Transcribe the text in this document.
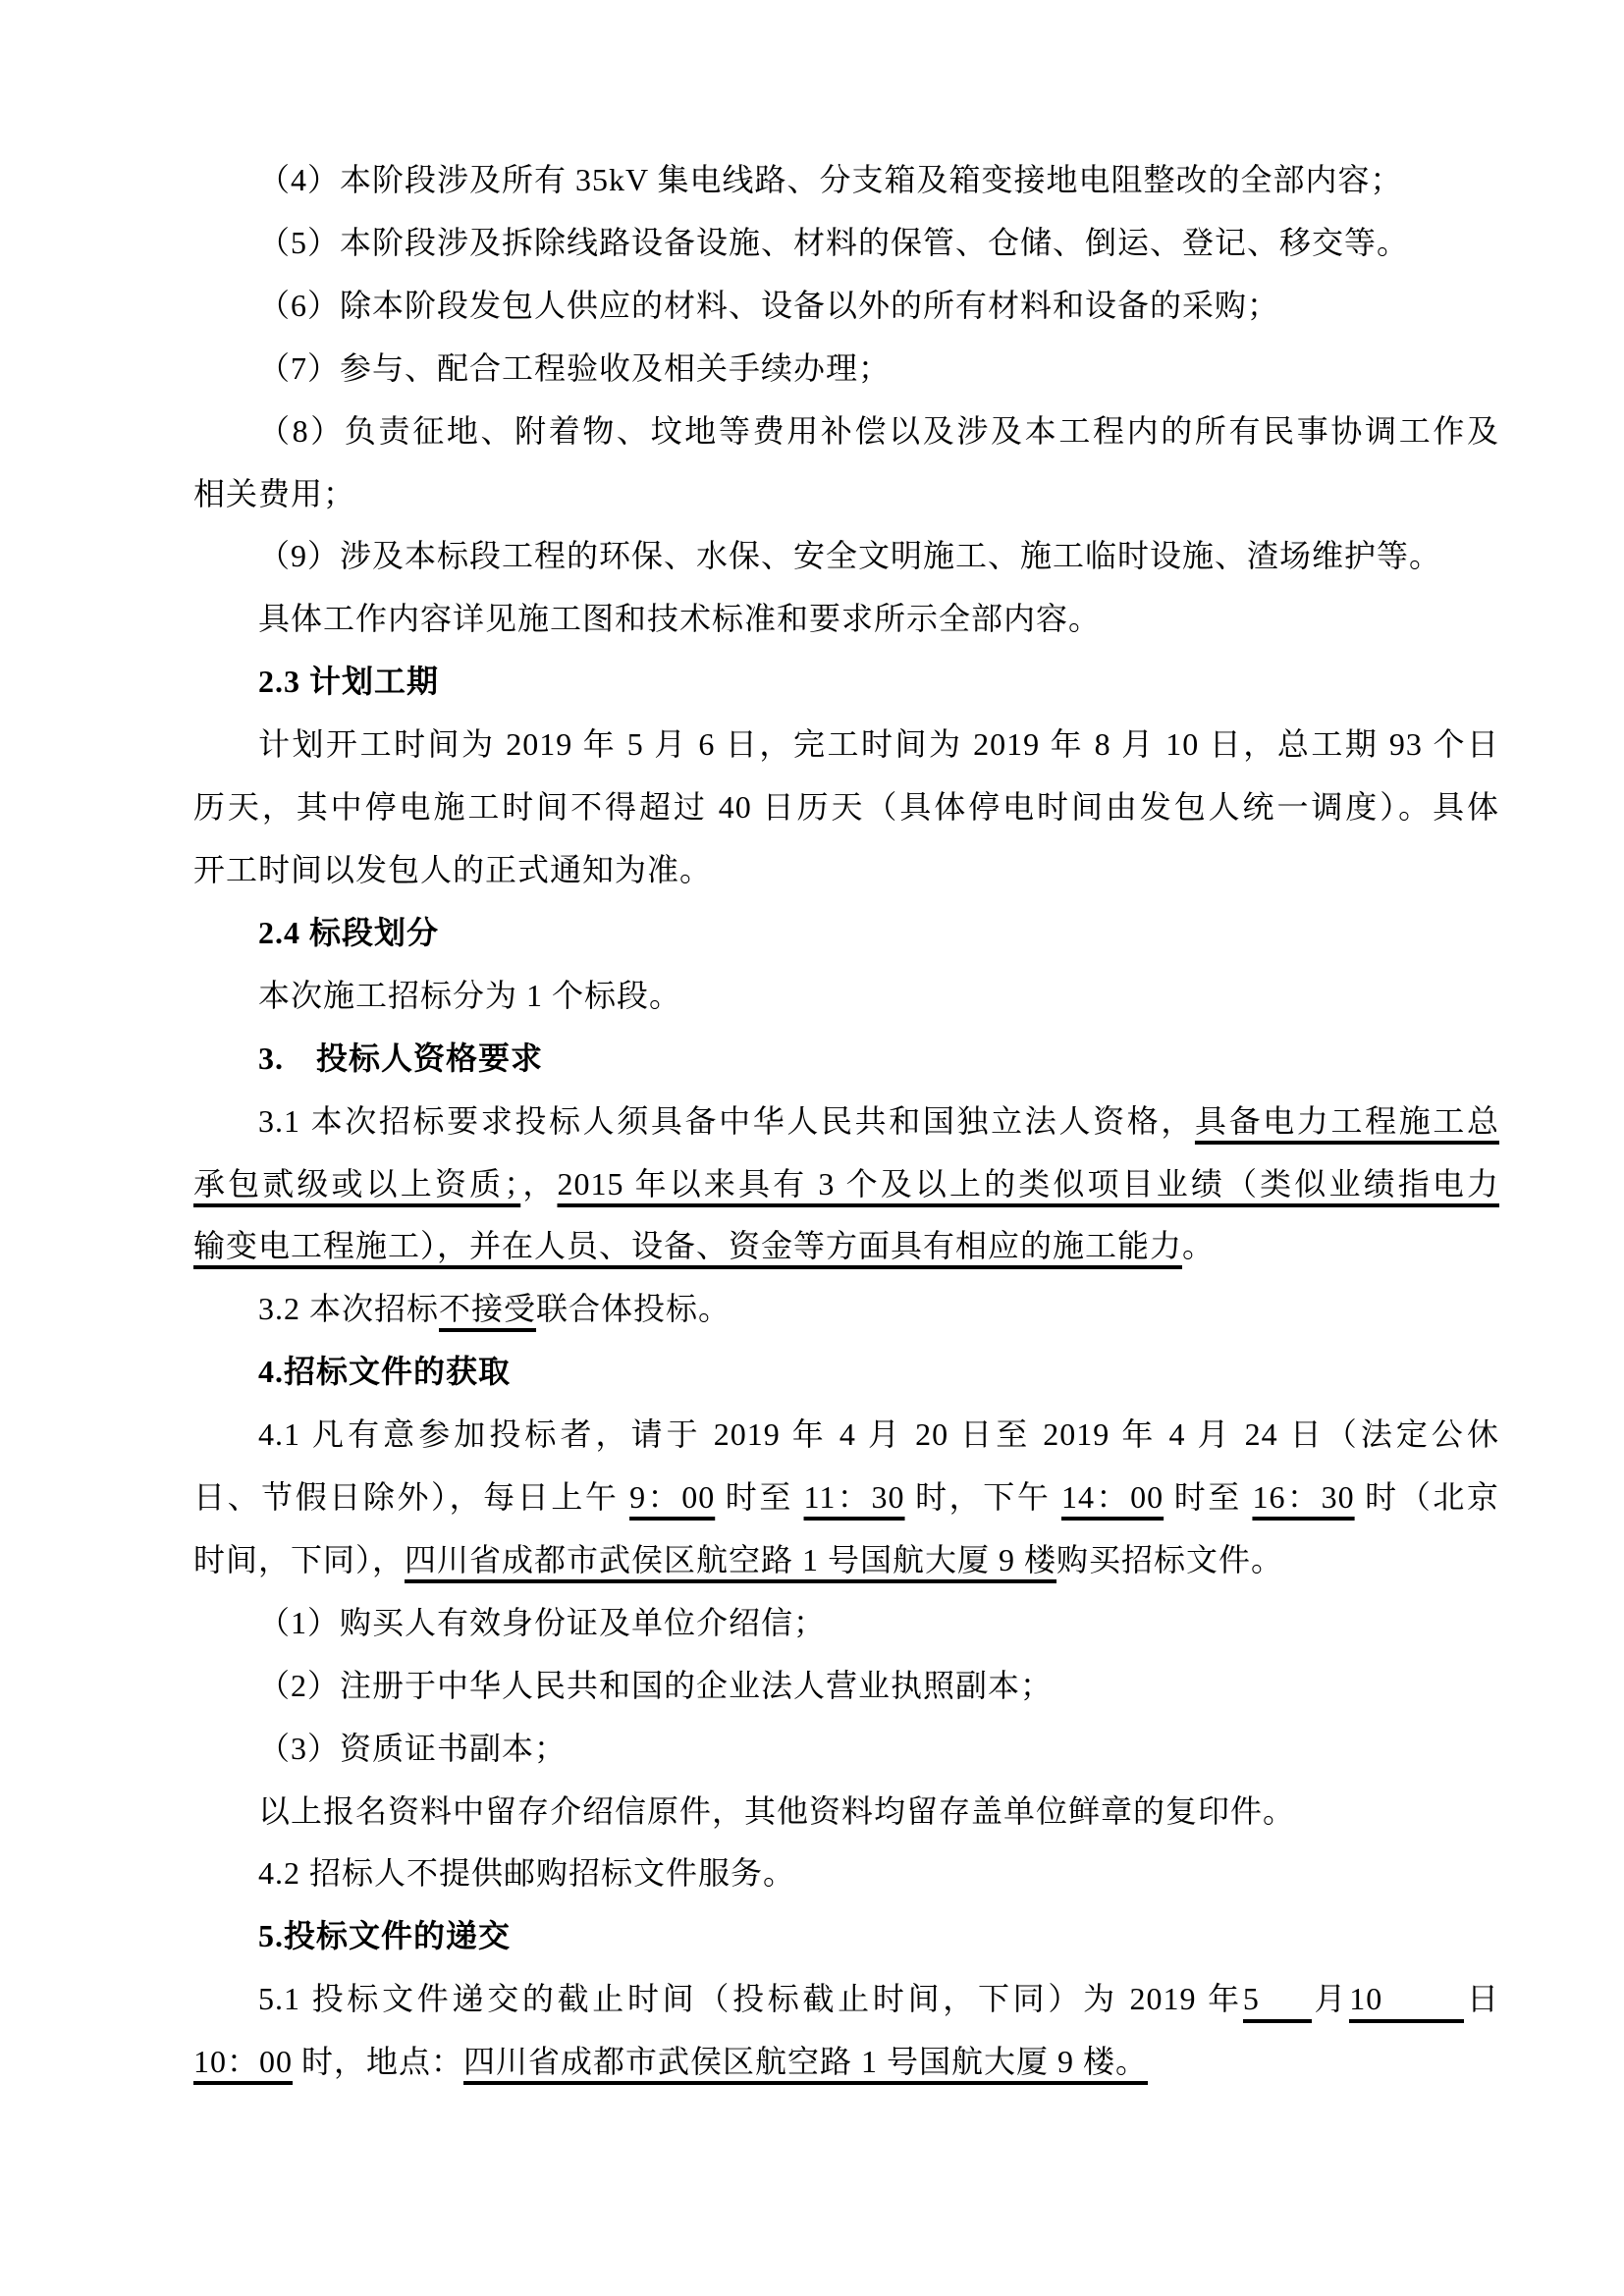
（4）本阶段涉及所有 35kV 集电线路、分支箱及箱变接地电阻整改的全部内容；
（5）本阶段涉及拆除线路设备设施、材料的保管、仓储、倒运、登记、移交等。
（6）除本阶段发包人供应的材料、设备以外的所有材料和设备的采购；
（7）参与、配合工程验收及相关手续办理；
（8）负责征地、附着物、坟地等费用补偿以及涉及本工程内的所有民事协调工作及
相关费用；
（9）涉及本标段工程的环保、水保、安全文明施工、施工临时设施、渣场维护等。
具体工作内容详见施工图和技术标准和要求所示全部内容。
2.3 计划工期
计划开工时间为 2019 年 5 月 6 日，完工时间为 2019 年 8 月 10 日，总工期 93 个日
历天，其中停电施工时间不得超过 40 日历天（具体停电时间由发包人统一调度）。具体
开工时间以发包人的正式通知为准。
2.4 标段划分
本次施工招标分为 1 个标段。
3.　投标人资格要求
3.1 本次招标要求投标人须具备中华人民共和国独立法人资格，具备电力工程施工总
承包贰级或以上资质；，2015 年以来具有 3 个及以上的类似项目业绩（类似业绩指电力
输变电工程施工），并在人员、设备、资金等方面具有相应的施工能力。
3.2 本次招标不接受联合体投标。
4.招标文件的获取
4.1 凡有意参加投标者，请于 2019 年 4 月 20 日至 2019 年 4 月 24 日（法定公休
日、节假日除外），每日上午 9：00 时至 11：30 时，下午 14：00 时至 16：30 时（北京
时间，下同），四川省成都市武侯区航空路 1 号国航大厦 9 楼购买招标文件。
（1）购买人有效身份证及单位介绍信；
（2）注册于中华人民共和国的企业法人营业执照副本；
（3）资质证书副本；
以上报名资料中留存介绍信原件，其他资料均留存盖单位鲜章的复印件。
4.2 招标人不提供邮购招标文件服务。
5.投标文件的递交
5.1 投标文件递交的截止时间（投标截止时间，下同）为 2019 年5 月10	日
10：00 时，地点：四川省成都市武侯区航空路 1 号国航大厦 9 楼。
